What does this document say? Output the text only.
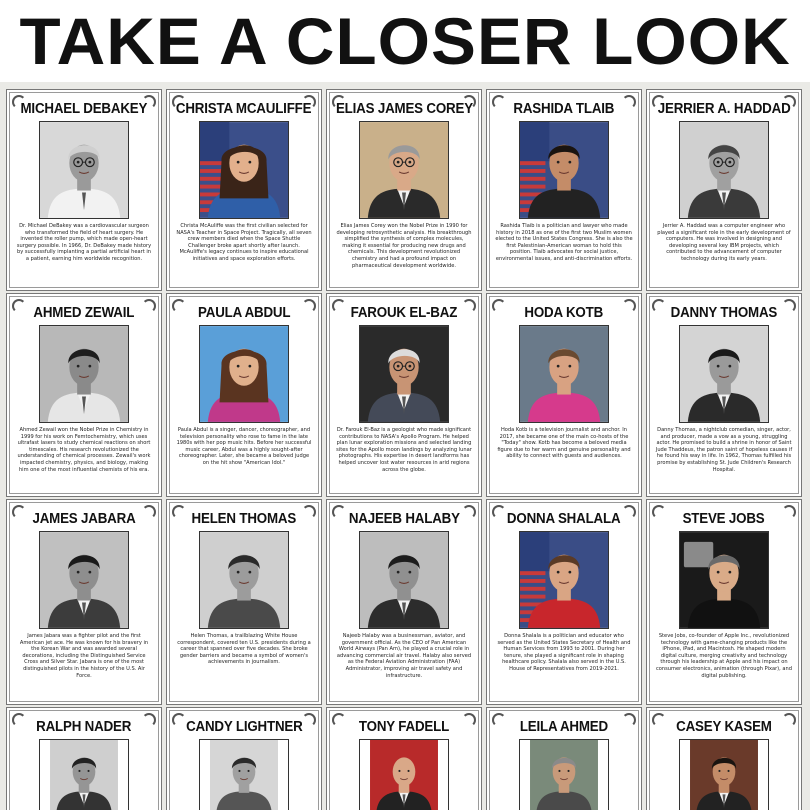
TAKE A CLOSER LOOK
MICHAEL DEBAKEY
Dr. Michael DeBakey was a cardiovascular surgeon who transformed the field of heart surgery. He invented the roller pump, which made open-heart surgery possible. In 1966, Dr. DeBakey made history by successfully implanting a partial artificial heart in a patient, earning him worldwide recognition.
CHRISTA MCAULIFFE
Christa McAuliffe was the first civilian selected for NASA's Teacher in Space Project. Tragically, all seven crew members died when the Space Shuttle Challenger broke apart shortly after launch. McAuliffe's legacy continues to inspire educational initiatives and space exploration efforts.
ELIAS JAMES COREY
Elias James Corey won the Nobel Prize in 1990 for developing retrosynthetic analysis. His breakthrough simplified the synthesis of complex molecules, making it essential for producing new drugs and chemicals. This development revolutionized chemistry and had a profound impact on pharmaceutical development worldwide.
RASHIDA TLAIB
Rashida Tlaib is a politician and lawyer who made history in 2018 as one of the first two Muslim women elected to the United States Congress. She is also the first Palestinian-American woman to hold this position. Tlaib advocates for social justice, environmental issues, and anti-discrimination efforts.
JERRIER A. HADDAD
Jerrier A. Haddad was a computer engineer who played a significant role in the early development of computers. He was involved in designing and developing several key IBM projects, which contributed to the advancement of computer technology during its early years.
AHMED ZEWAIL
Ahmed Zewail won the Nobel Prize in Chemistry in 1999 for his work on Femtochemistry, which uses ultrafast lasers to study chemical reactions on short timescales. His research revolutionized the understanding of chemical processes. Zewail's work impacted chemistry, physics, and biology, making him one of the most influential chemists of his era.
PAULA ABDUL
Paula Abdul is a singer, dancer, choreographer, and television personality who rose to fame in the late 1980s with her pop music hits. Before her successful music career, Abdul was a highly sought-after choreographer. Later, she became a beloved judge on the hit show "American Idol."
FAROUK EL-BAZ
Dr. Farouk El-Baz is a geologist who made significant contributions to NASA's Apollo Program. He helped plan lunar exploration missions and selected landing sites for the Apollo moon landings by analyzing lunar photographs. His expertise in desert landforms has helped uncover lost water resources in arid regions across the globe.
HODA KOTB
Hoda Kotb is a television journalist and anchor. In 2017, she became one of the main co-hosts of the "Today" show. Kotb has become a beloved media figure due to her warm and genuine personality and ability to connect with guests and audiences.
DANNY THOMAS
Danny Thomas, a nightclub comedian, singer, actor, and producer, made a vow as a young, struggling actor. He promised to build a shrine in honor of Saint Jude Thaddeus, the patron saint of hopeless causes if he found his way in life. In 1962, Thomas fulfilled his promise by establishing St. Jude Children's Research Hospital.
JAMES JABARA
James Jabara was a fighter pilot and the first American jet ace. He was known for his bravery in the Korean War and was awarded several decorations, including the Distinguished Service Cross and Silver Star. Jabara is one of the most distinguished pilots in the history of the U.S. Air Force.
HELEN THOMAS
Helen Thomas, a trailblazing White House correspondent, covered ten U.S. presidents during a career that spanned over five decades. She broke gender barriers and became a symbol of women's achievements in journalism.
NAJEEB HALABY
Najeeb Halaby was a businessman, aviator, and government official. As the CEO of Pan American World Airways (Pan Am), he played a crucial role in advancing commercial air travel. Halaby also served as the Federal Aviation Administration (FAA) Administrator, improving air travel safety and infrastructure.
DONNA SHALALA
Donna Shalala is a politician and educator who served as the United States Secretary of Health and Human Services from 1993 to 2001. During her tenure, she played a significant role in shaping healthcare policy. Shalala also served in the U.S. House of Representatives from 2019-2021.
STEVE JOBS
Steve Jobs, co-founder of Apple Inc., revolutionized technology with game-changing products like the iPhone, iPad, and Macintosh. He shaped modern digital culture, merging creativity and technology through his leadership at Apple and his impact on consumer electronics, animation (through Pixar), and digital publishing.
RALPH NADER	CANDY LIGHTNER	TONY FADELL	LEILA AHMED	CASEY KASEM
